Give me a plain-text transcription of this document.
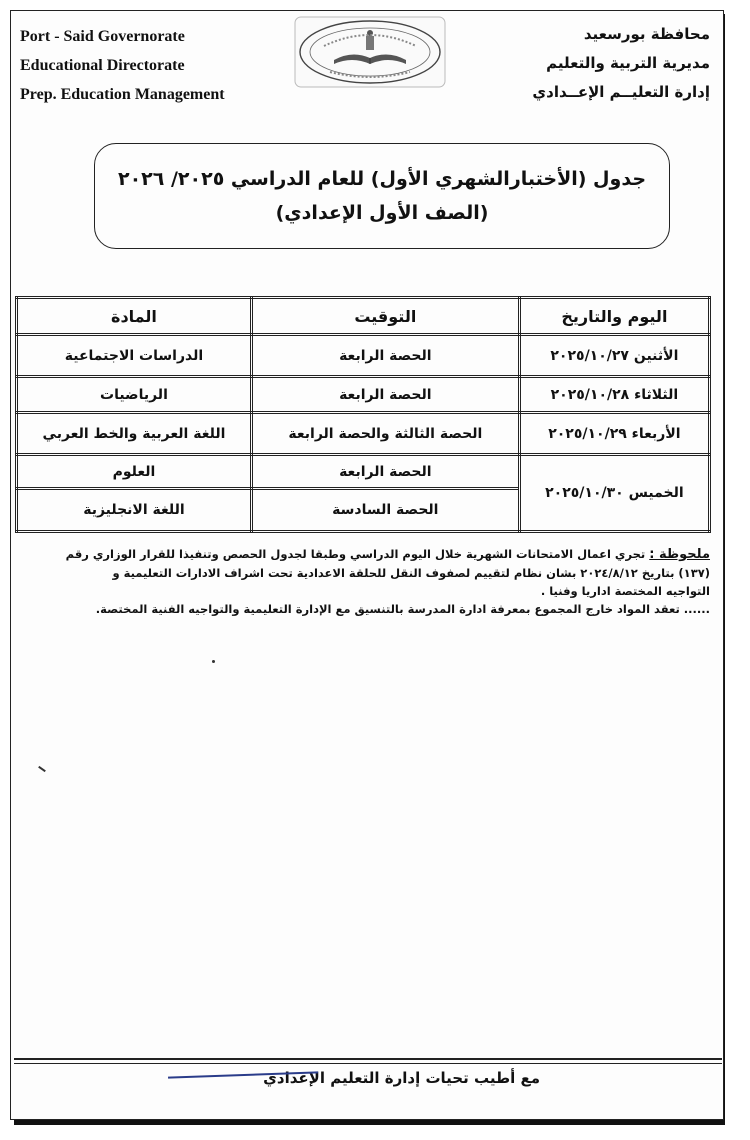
Port - Said Governorate
Educational Directorate
Prep. Education Management
محافظة بورسعيد
مديرية التربية والتعليم
إدارة التعليــم الإعــدادي
جدول (الأختبارالشهري الأول) للعام الدراسي ٢٠٢٥/ ٢٠٢٦
(الصف الأول الإعدادي)
اليوم والتاريخ	التوقيت	المادة
الأثنين ٢٠٢٥/١٠/٢٧	الحصة الرابعة	الدراسات الاجتماعية
الثلاثاء ٢٠٢٥/١٠/٢٨	الحصة الرابعة	الرياضيات
الأربعاء ٢٠٢٥/١٠/٢٩	الحصة الثالثة والحصة الرابعة	اللغة العربية والخط العربي
الخميس ٢٠٢٥/١٠/٣٠	الحصة الرابعة	العلوم
	الحصة السادسة	اللغة الانجليزية
ملحوظة : تجري اعمال الامتحانات الشهرية خلال اليوم الدراسي وطبقا لجدول الحصص وتنفيذا للقرار الوزاري رقم
(١٣٧) بتاريخ ٢٠٢٤/٨/١٢ بشان نظام لتقييم لصفوف النقل للحلقة الاعدادية تحت اشراف الادارات التعليمية و
التواجيه المختصة اداريا وفنيا .
...... تعقد المواد خارج المجموع بمعرفة ادارة المدرسة بالتنسيق مع الإدارة التعليمية والتواجيه الفنية المختصة.
مع أطيب تحيات إدارة التعليم الإعدادي
